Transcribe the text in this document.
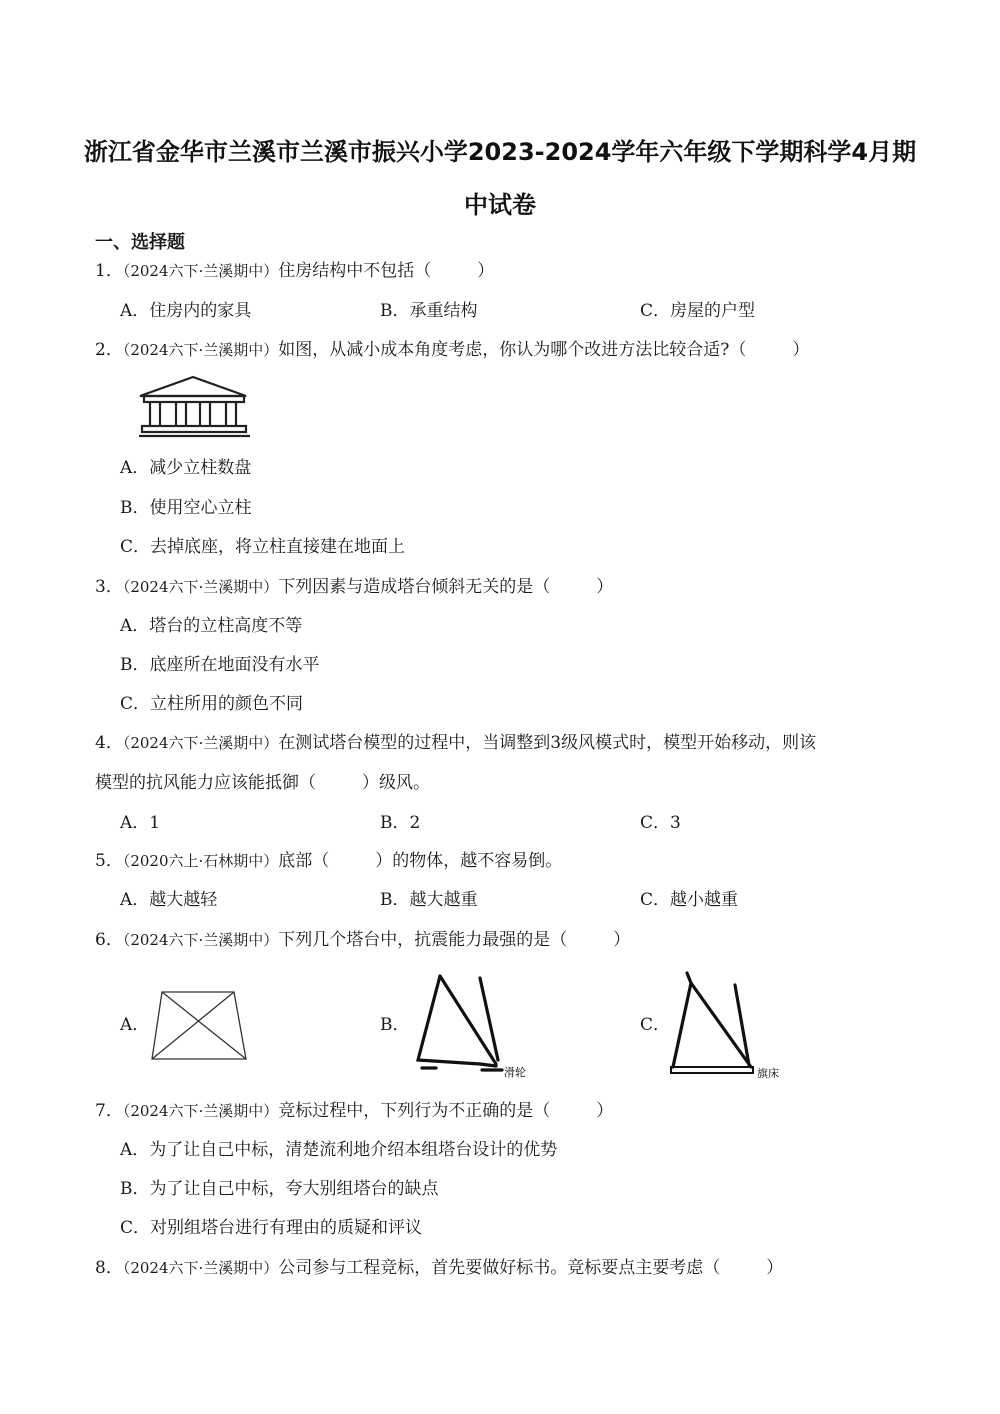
浙江省金华市兰溪市兰溪市振兴小学2023-2024学年六年级下学期科学4月期
中试卷
一、选择题
1．（2024六下·兰溪期中）住房结构中不包括（	）
A．住房内的家具	B．承重结构	C．房屋的户型
2．（2024六下·兰溪期中）如图，从减小成本角度考虑，你认为哪个改进方法比较合适?（	）
A．减少立柱数盘
B．使用空心立柱
C．去掉底座，将立柱直接建在地面上
3．（2024六下·兰溪期中）下列因素与造成塔台倾斜无关的是（	）
A．塔台的立柱高度不等
B．底座所在地面没有水平
C．立柱所用的颜色不同
4．（2024六下·兰溪期中）在测试塔台模型的过程中，当调整到3级风模式时，模型开始移动，则该
模型的抗风能力应该能抵御（	）级风。
A．1	B．2	C．3
5．（2020六上·石林期中）底部（	）的物体，越不容易倒。
A．越大越轻	B．越大越重	C．越小越重
6．（2024六下·兰溪期中）下列几个塔台中，抗震能力最强的是（	）
A．	B．
滑轮
C．
旗床
7．（2024六下·兰溪期中）竞标过程中，下列行为不正确的是（	）
A．为了让自己中标，清楚流利地介绍本组塔台设计的优势
B．为了让自己中标，夸大别组塔台的缺点
C．对别组塔台进行有理由的质疑和评议
8．（2024六下·兰溪期中）公司参与工程竞标，首先要做好标书。竞标要点主要考虑（	）
